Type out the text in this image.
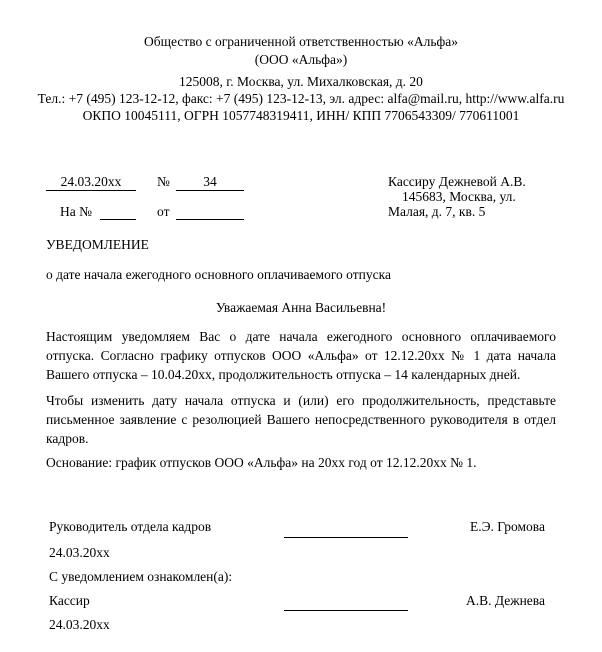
Общество с ограниченной ответственностью «Альфа»
(ООО «Альфа»)
125008, г. Москва, ул. Михалковская, д. 20
Тел.: +7 (495) 123-12-12, факс: +7 (495) 123-12-13, эл. адрес: alfa@mail.ru, http://www.alfa.ru
ОКПО 10045111, ОГРН 1057748319411, ИНН/ КПП 7706543309/ 770611001
24.03.20xx	№	34
На №	от
Кассиру Дежневой А.В.
145683, Москва, ул.
Малая, д. 7, кв. 5
УВЕДОМЛЕНИЕ
о дате начала ежегодного основного оплачиваемого отпуска
Уважаемая Анна Васильевна!
Настоящим уведомляем Вас о дате начала ежегодного основного оплачиваемого отпуска. Согласно графику отпусков ООО «Альфа» от 12.12.20xx № 1 дата начала Вашего отпуска – 10.04.20xx, продолжительность отпуска – 14 календарных дней.
Чтобы изменить дату начала отпуска и (или) его продолжительность, представьте письменное заявление с резолюцией Вашего непосредственного руководителя в отдел кадров.
Основание: график отпусков ООО «Альфа» на 20xx год от 12.12.20xx № 1.
Руководитель отдела кадров	Е.Э. Громова
24.03.20xx
С уведомлением ознакомлен(а):
Кассир	А.В. Дежнева
24.03.20xx
